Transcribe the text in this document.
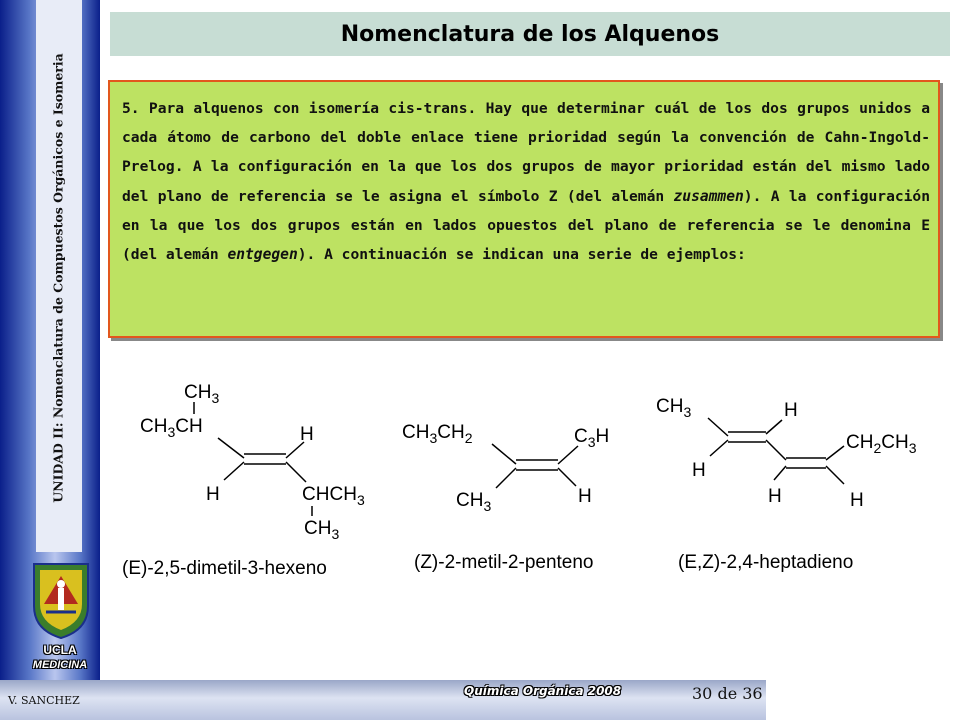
UNIDAD II: Nomenclatura de Compuestos Orgánicos e Isomeria
UCLA
MEDICINA
Nomenclatura de los Alquenos
5. Para alquenos con isomería cis-trans. Hay que determinar cuál de los dos grupos unidos a cada átomo de carbono del doble enlace tiene prioridad según la convención de Cahn-Ingold-Prelog. A la configuración en la que los dos grupos de mayor prioridad están del mismo lado del plano de referencia se le asigna el símbolo Z (del alemán zusammen). A la configuración en la que los dos grupos están en lados opuestos del plano de referencia se le denomina E (del alemán entgegen). A continuación se indican una serie de ejemplos:
$CH_3$
$CH_3CH$	H
H	$CHCH_3$
$CH_3$
(E)-2,5-dimetil-3-hexeno
$CH_3CH_2$	$C_3H$
$CH_3$	H
(Z)-2-metil-2-penteno
$CH_3$	H
H
$CH_2CH_3$
H	H
(E,Z)-2,4-heptadieno
V. SANCHEZ
Química Orgánica 2008	30 de 36
